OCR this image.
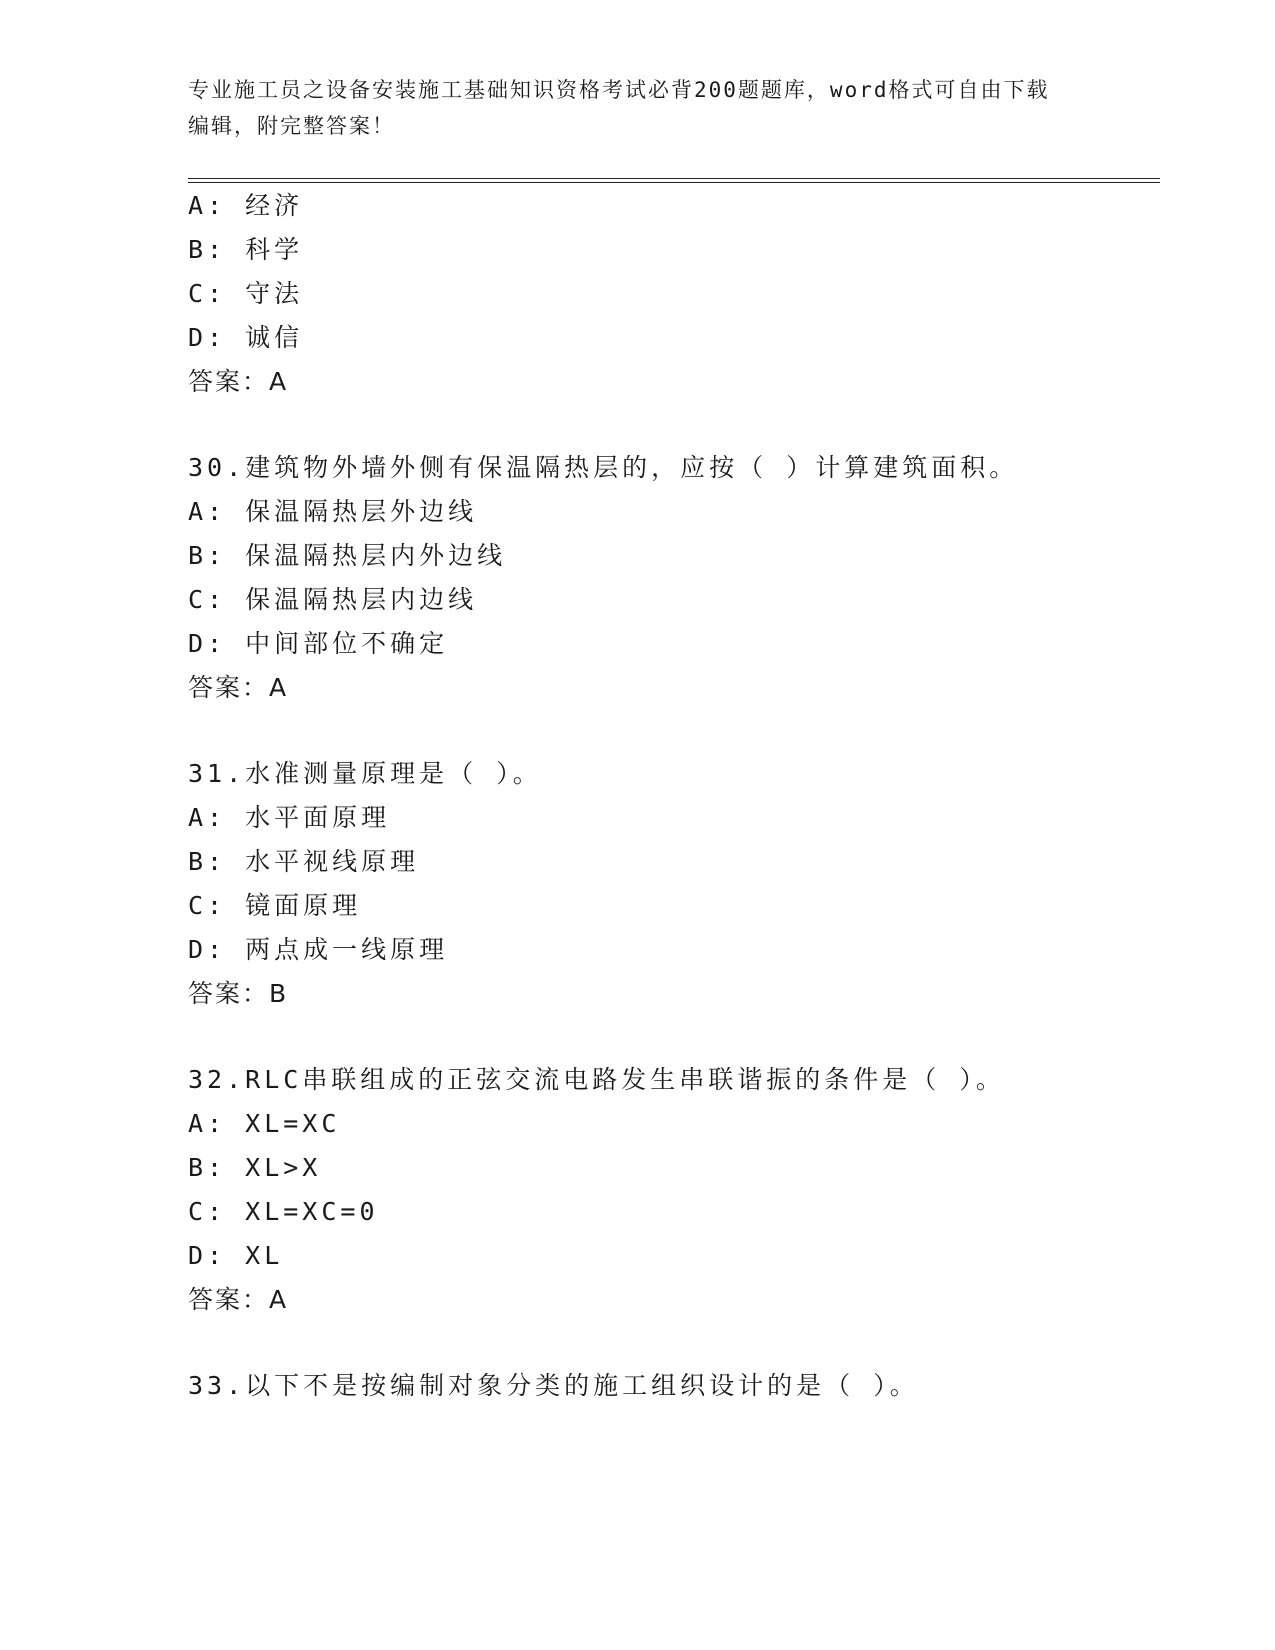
专业施工员之设备安装施工基础知识资格考试必背200题题库，word格式可自由下载编辑，附完整答案！

A: 经济
B: 科学
C: 守法
D: 诚信
答案：A
30.建筑物外墙外侧有保温隔热层的，应按（ ）计算建筑面积。
A: 保温隔热层外边线
B: 保温隔热层内外边线
C: 保温隔热层内边线
D: 中间部位不确定
答案：A
31.水准测量原理是（ ）。
A: 水平面原理
B: 水平视线原理
C: 镜面原理
D: 两点成一线原理
答案：B
32.RLC串联组成的正弦交流电路发生串联谐振的条件是（ ）。
A: XL=XC
B: XL>X
C: XL=XC=0
D: XL
答案：A
33.以下不是按编制对象分类的施工组织设计的是（ ）。
